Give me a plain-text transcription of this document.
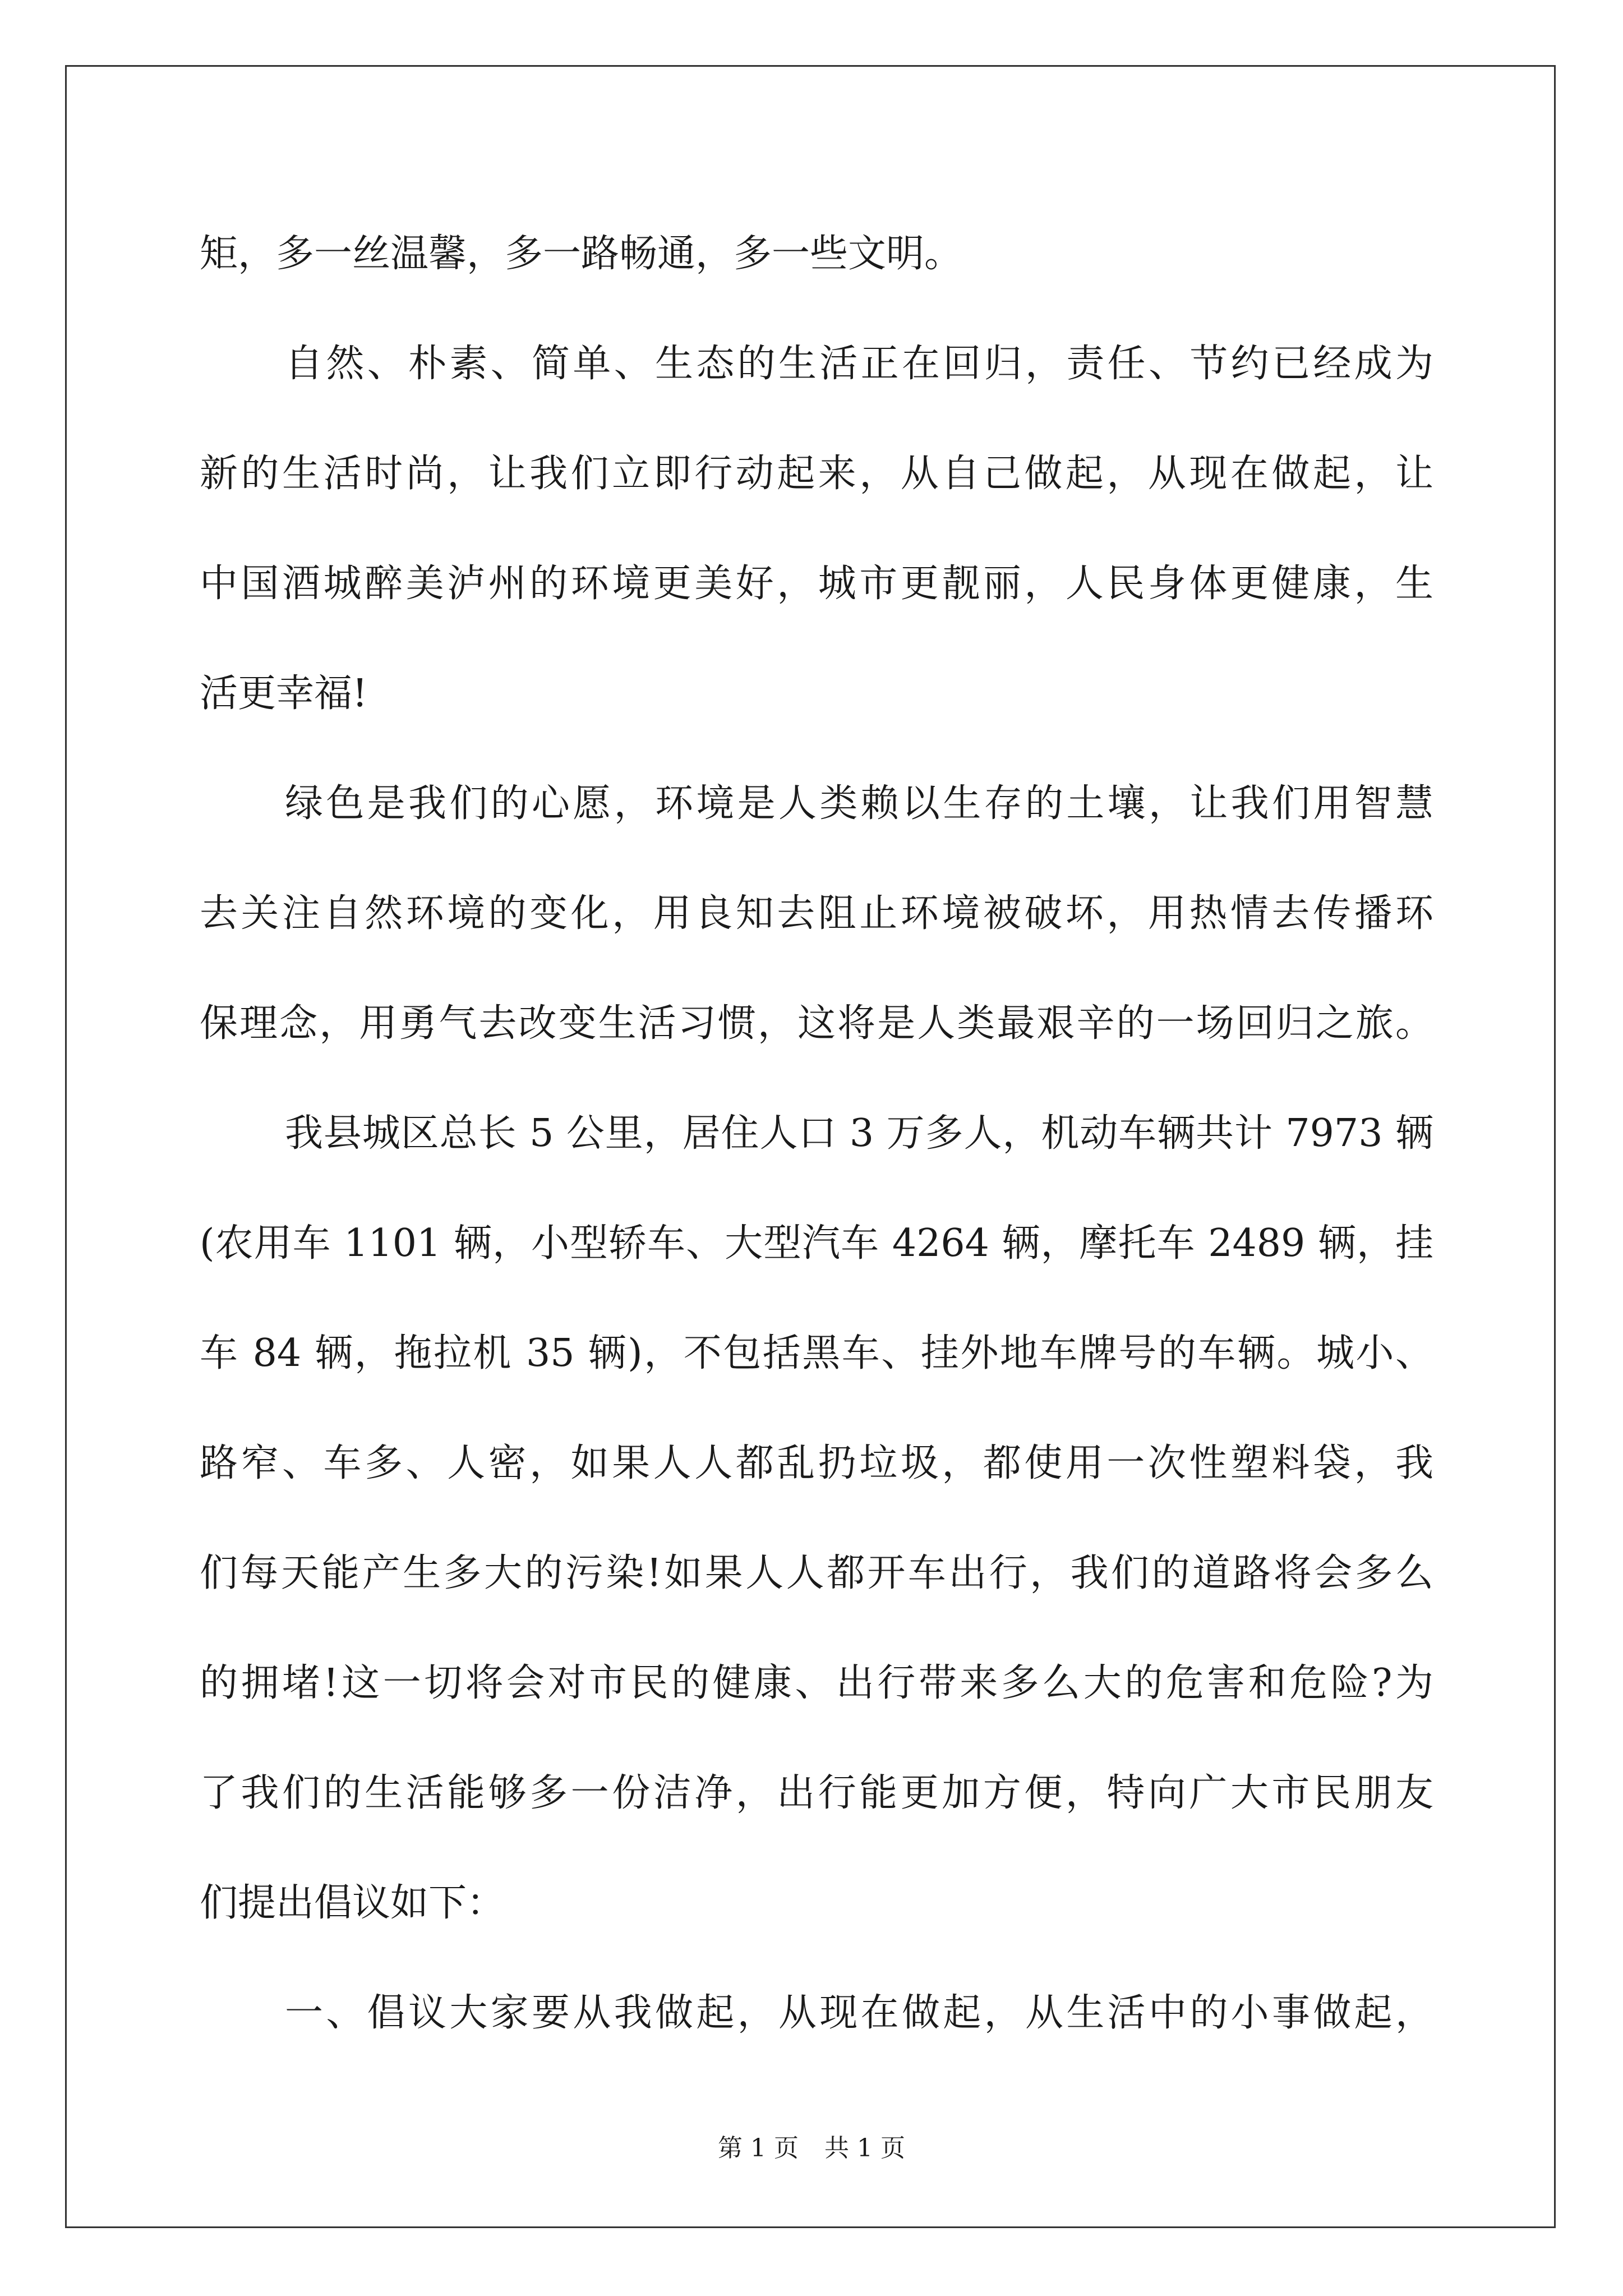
矩，多一丝温馨，多一路畅通，多一些文明。
自然、朴素、简单、生态的生活正在回归，责任、节约已经成为
新的生活时尚，让我们立即行动起来，从自己做起，从现在做起，让
中国酒城醉美泸州的环境更美好，城市更靓丽，人民身体更健康，生
活更幸福!
绿色是我们的心愿，环境是人类赖以生存的土壤，让我们用智慧
去关注自然环境的变化，用良知去阻止环境被破坏，用热情去传播环
保理念，用勇气去改变生活习惯，这将是人类最艰辛的一场回归之旅。
我县城区总长 5 公里，居住人口 3 万多人，机动车辆共计 7973 辆
(农用车 1101 辆，小型轿车、大型汽车 4264 辆，摩托车 2489 辆，挂
车 84 辆，拖拉机 35 辆)，不包括黑车、挂外地车牌号的车辆。城小、
路窄、车多、人密，如果人人都乱扔垃圾，都使用一次性塑料袋，我
们每天能产生多大的污染!如果人人都开车出行，我们的道路将会多么
的拥堵!这一切将会对市民的健康、出行带来多么大的危害和危险?为
了我们的生活能够多一份洁净，出行能更加方便，特向广大市民朋友
们提出倡议如下：
一、倡议大家要从我做起，从现在做起，从生活中的小事做起，
第 1 页 共 1 页
